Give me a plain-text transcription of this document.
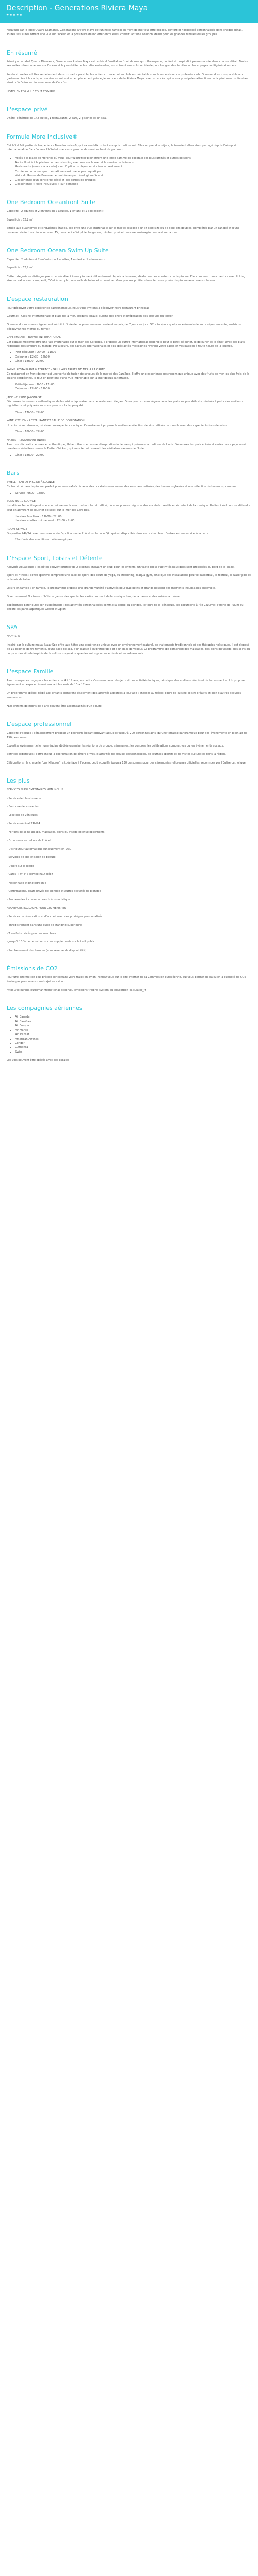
Description - Generations Riviera Maya
★★★★★

Nouveau par le label Quatre Diamants, Generations Riviera Maya est un hôtel familial en front de mer qui offre espace, confort et hospitalité personnalisée dans chaque détail. Toutes ses suites offrent une vue sur l'océan et la possibilité de loc etter entre elles, constituant une solution idéale pour les grandes familles ou les groupes.

En résumé

Primé par le label Quatre Diamants, Generations Riviera Maya est un hôtel familial en front de mer qui offre espace, confort et hospitalité personnalisée dans chaque détail. Toutes ses suites offrent une vue sur l'océan et la possibilité de les relier entre elles, constituant une solution idéale pour les grandes familles ou les voyages multigénérationnels.

Pendant que les adultes se détendent dans un cadre paisible, les enfants trouveront au club leur véritable sous la supervision de professionnels. Gourmand est comparable aux gastronomies à la carte, un service en suite et un emplacement privilégié au coeur de la Riviera Maya, avec un accès rapide aux principales attractions de la péninsule du Yucatan ainsi qu'à l'aéroport international de Cancún.

HOTEL EN FORMULE TOUT COMPRIS

L'espace privé

L'hôtel bénéficie de 142 suites, 1 restaurants, 2 bars, 2 piscines et un spa.

Formule More Inclusive®

Cet hôtel fait partie de l'expérience More Inclusive®, qui va au-delà du tout compris traditionnel. Elle comprend le séjour, le transfert aller-retour partagé depuis l'aéroport international de Cancún vers l'hôtel et une vaste gamme de services haut de gamme :

• Accès à la plage de Morones où vous pourrez profiter pleinement une large gamme de cocktails les plus raffinés et autres boissons
• Accès illimité à la piscine de haut standing avec vue sur la mer et le service de boissons
• Restaurants (service à la carte) avec l'option du déjeuner et diner au restaurant
• Entrée au pro aquatique thématique ainsi que le parc aquatique
• Visite du Ruines de Bravaneu et entrée au parc écologique Xcaret
• L'expérience d'un concierge dédié et des sorties de groupes
• L'expérience « More Inclusive® » sur demande
One Bedroom Oceanfront Suite

Capacité : 2 adultes et 2 enfants ou 2 adultes, 1 enfant et 1 adolescent)

Superficie : 62,2 m²

Située aux quatrièmes et cinquièmes étages, elle offre une vue imprenable sur la mer et dispose d'un lit king size ou de deux lits doubles, complétée par un canapé et d'une terrasse privée. Un coin salon avec TV, douche à effet pluie, baignoire, minibar privé et terrasse aménagée donnant sur la mer.

One Bedroom Ocean Swim Up Suite

Capacité : 2 adultes et 2 enfants (ou 2 adultes, 1 enfant et 1 adolescent)

Superficie : 62,2 m²

Cette catégorie se distingue par un accès direct à une piscine à débordement depuis la terrasse, idéale pour les amateurs de la piscine. Elle comprend une chambre avec lit king size, un salon avec canapé-lit, TV et écran plat, une salle de bains et un minibar. Vous pourrez profiter d'une terrasse privée de piscine avec vue sur la mer.

L'espace restauration

Pour découvrir votre expérience gastronomique, nous vous invitons à découvrir notre restaurant principal.

Gourmet - Cuisine internationale et plats de la mer, produits locaux, cuisine des chefs et préparation des produits du terroir.

Gourmand - vous serez également séduit à l'idée de proposer un menu varié et exquis, de 7 jours au jour. Offre toujours quelques éléments de votre séjour en suite, sushis ou découvrez nos menus du terroir.

CAFE MARKET - BUFFET INTERNATIONAL

Cet espace moderne offre une vue imprenable sur la mer des Caraïbes. Il propose un buffet international disponible pour le petit-déjeuner, le déjeuner et le dîner, avec des plats régionaux des saveurs du monde. Par ailleurs, des saveurs internationales et des spécialités mexicaines raviront votre palais et vos papilles à toute heure de la journée.

• Petit-déjeuner : 06h00 - 11h00
• Déjeuner : 12h30 - 17h00
• Dîner : 18h00 - 22h00

PALMS RESTAURANT & TERRACE - GRILL AUX FRUITS DE MER À LA CARTE

Ce restaurant en front de mer est une véritable fusion de saveurs de la mer et des Caraïbes. Il offre une expérience gastronomique unique avec des fruits de mer les plus frais de la cuisine caribéenne, le tout en profitant d'une vue imprenable sur la mer depuis la terrasse.

• Petit-déjeuner : 7h00 - 11h00
• Déjeuner : 12h00 - 17h30

JADE - CUISINE JAPONAISE

Découvrez les saveurs authentiques de la cuisine japonaise dans ce restaurant élégant. Vous pourrez vous régaler avec les plats les plus délicats, réalisés à partir des meilleurs ingrédients, et préparés sous vos yeux sur la teppanyaki.

• Dîner : 17h00 - 22h00

WINE KITCHEN - RESTAURANT ET SALLE DE DÉGUSTATION

Un coin où se retrouver, où vivre une expérience unique. Ce restaurant propose la meilleure sélection de vins raffinés du monde avec des ingrédients frais de saison.

• Dîner : 18h00 - 22h00

HABER - RESTAURANT INDIEN

Avec une décoration épurée et authentique, Haber offre une cuisine d'inspiration indienne qui préserve la tradition de l'Inde. Découvrez les plats épicés et variés de ce pays ainsi que des spécialités comme le Butter Chicken, qui vous feront ressentir les véritables saveurs de l'Inde.

• Dîner : 18h00 - 22h00
Bars

SWELL - BAR DE PISCINE À LOUNGE

Ce bar situé dans la piscine, parfait pour vous rafraîchir avec des cocktails sans aucun, des eaux aromatisées, des boissons glacées et une sélection de boissons premium.

• Service : 9h00 - 18h00

SUNS BAR & LOUNGE

Installé au 2ème étage et une vue unique sur la mer. Un bar chic et raffiné, où vous pouvez déguster des cocktails créatifs en écoutant de la musique. Un lieu idéal pour se détendre tout en admirant le coucher de soleil sur la mer des Caraïbes.

• Horaires familiaux : 17h00 - 22h00
• Horaires adultes uniquement : 22h00 - 2h00

ROOM SERVICE

Disponible 24h/24, avec commande via l'application de l'hôtel ou le code QR, qui est disponible dans votre chambre. L'entrée est un service à la carte.

• *Sauf avis des conditions météorologiques.
L'Espace Sport, Loisirs et Détente

Activités Aquatiques : les hôtes peuvent profiter de 2 piscines, incluant un club pour les enfants. Un vaste choix d'activités nautiques sont proposées au bord de la plage.

Sport et Fitness : l'offre sportive comprend une salle de sport, des cours de yoga, du stretching, d'aqua gym, ainsi que des installations pour le basketball, le football, le water-polo et le tennis de table.

Loisirs en famille : en famille, le programme propose une grande variété d'activités pour que petits et grands passent des moments inoubliables ensemble.

Divertissement Nocturne : l'hôtel organise des spectacles variés, incluant de la musique live, de la danse et des soirées à thème.

Expériences Extérieures (en supplément) : des activités personnalisées comme la pêche, la plongée, le tours de la péninsule, les excursions à l'île Cozumel, l'arche de Tulum ou encore les parcs aquatiques Xcaret et Xplor.

SPA

NAAY SPA

Inspiré par la culture maya, Naay Spa offre aux hôtes une expérience unique avec un environnement naturel, de traitements traditionnels et des thérapies holistiques. Il est disposé de 15 cabines de traitements, d'une salle de spa, d'un bassin à hydrothérapie et d'un bain de vapeur. Le programme spa comprend des massages, des soins du visage, des soins du corps et des rituels inspirés de la culture maya ainsi que des soins pour les enfants et les adolescents.

L'espace Famille

Avec un espace conçu pour les enfants de 4 à 12 ans, les petits s'amusent avec des jeux et des activités ludiques, ainsi que des ateliers créatifs et de la cuisine. Le club propose également un espace réservé aux adolescents de 13 à 17 ans.

Un programme spécial dédié aux enfants comprend également des activités adaptées à leur âge : chasses au trésor, cours de cuisine, loisirs créatifs et bien d'autres activités amusantes.

*Les enfants de moins de 4 ans doivent être accompagnés d'un adulte.

L'espace professionnel

Capacité d'accueil : l'établissement propose un ballroom élégant pouvant accueillir jusqu'à 200 personnes ainsi qu'une terrasse panoramique pour des événements en plein air de 150 personnes.

Expertise événementielle : une équipe dédiée organise les réunions de groupe, séminaires, les congrès, les célébrations corporatives ou les événements sociaux.

Services logistiques : l'offre inclut la coordination de dîners privés, d'activités de groupe personnalisées, de tournois sportifs et de visites culturelles dans la région.

Célébrations : la chapelle "Las Milagros", située face à l'océan, peut accueillir jusqu'à 130 personnes pour des cérémonies religieuses officielles, reconnues par l'Église catholique.

Les plus

SERVICES SUPPLÉMENTAIRES NON INCLUS

- Service de blanchisserie

- Boutique de souvenirs

- Location de véhicules

- Service médical 24h/24

- Forfaits de soins au spa, massages, soins du visage et enveloppements

- Excursions en dehors de l'hôtel

- Distributeur automatique (uniquement en USD)

- Services de spa et salon de beauté

- Dîners sur la plage

- Cafés + Wi-Fi / service haut débit

- Flaconnage et photographie

- Certifications, cours privés de plongée et autres activités de plongée

- Promenades à cheval au ranch écotouristique

AVANTAGES EXCLUSIFS POUR LES MEMBRES

- Services de réservation et d'accueil avec des privilèges personnalisés

- Enregistrement dans une suite de standing supérieure

- Transferts privés pour les membres

- Jusqu'à 10 % de réduction sur les suppléments sur le tarif public

- Surclassement de chambre (sous réserve de disponibilité)

Émissions de CO2

Pour une information plus précise concernant votre trajet en avion, rendez-vous sur le site internet de la Commission européenne, qui vous permet de calculer la quantité de CO2 émise par personne sur un trajet en avion :

https://ec.europa.eu/clima/international-action/eu-emissions-trading-system-eu-ets/carbon-calculator_fr

Les compagnies aériennes
• Air Canada
• Air Caraïbes
• Air Europa
• Air France
• Air Transat
• American Airlines
• Condor
• Lufthansa
• Swiss

Les vols peuvent être opérés avec des escales
